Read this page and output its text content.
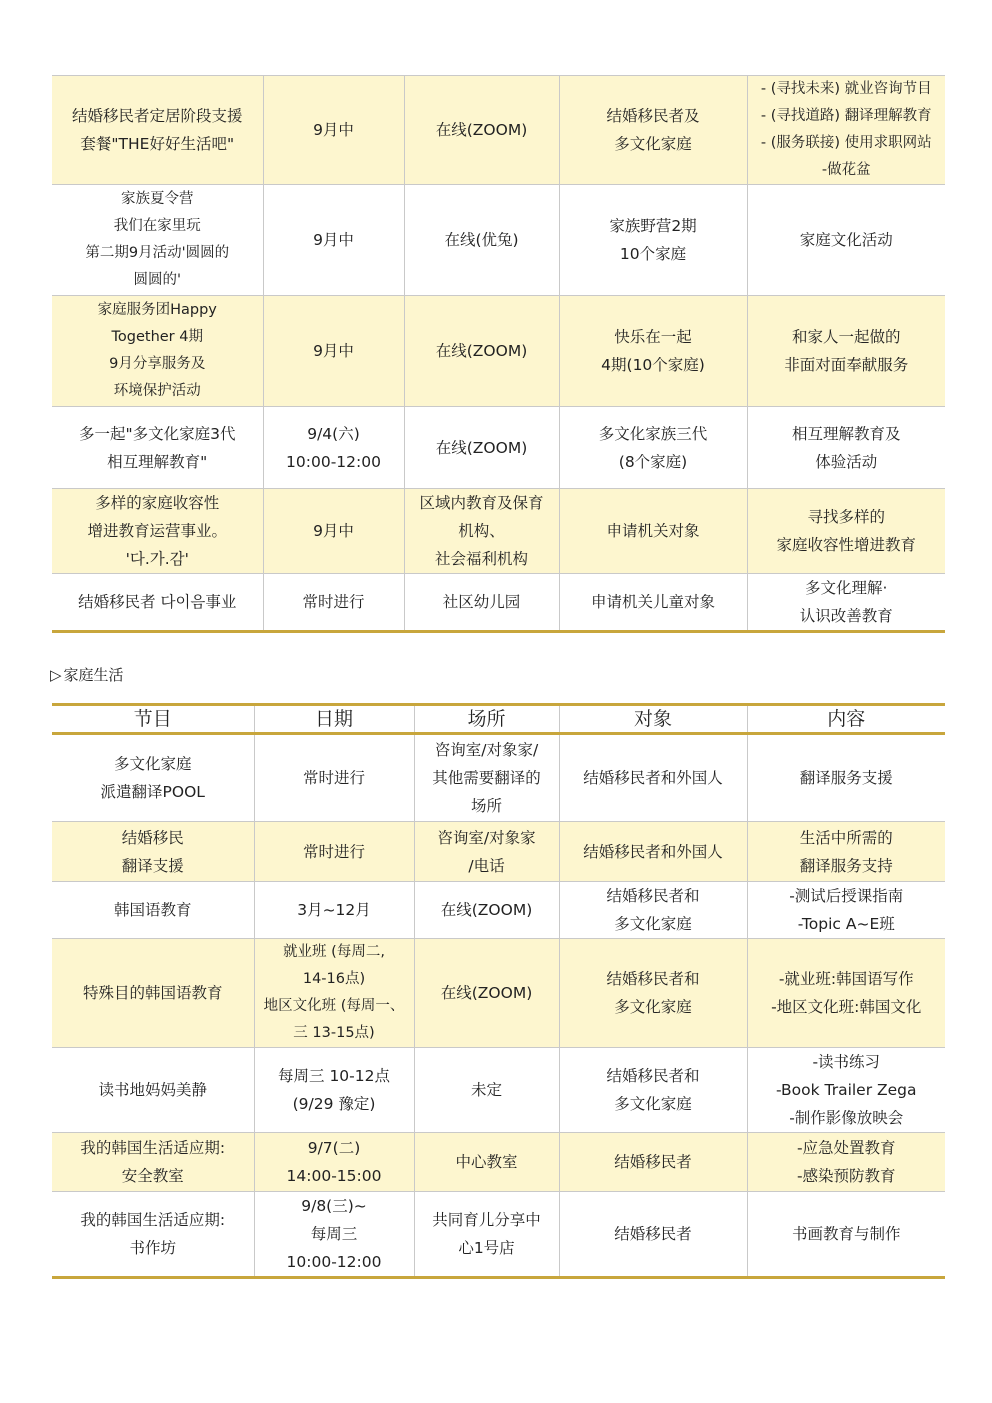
结婚移民者定居阶段支援
套餐"THE好好生活吧"	9月中	在线(ZOOM)	结婚移民者及
多文化家庭	- (寻找未来) 就业咨询节目
- (寻找道路) 翻译理解教育
- (服务联接) 使用求职网站
-做花盆

家族夏令营
我们在家里玩
第二期9月活动'圆圆的
圆圆的'	9月中	在线(优兔)	家族野营2期
10个家庭	家庭文化活动

家庭服务团Happy
Together 4期
9月分享服务及
环境保护活动	9月中	在线(ZOOM)	快乐在一起
4期(10个家庭)	和家人一起做的
非面对面奉献服务

多一起"多文化家庭3代
相互理解教育"	9/4(六)
10:00-12:00	在线(ZOOM)	多文化家族三代
(8个家庭)	相互理解教育及
体验活动

多样的家庭收容性
增进教育运营事业。
'다.가.감'	9月中	区域内教育及保育
机构、
社会福利机构	申请机关对象	寻找多样的
家庭收容性增进教育

结婚移民者 다이음事业	常时进行	社区幼儿园	申请机关儿童对象	多文化理解·
认识改善教育
▷ 家庭生活
节目	日期	场所	对象	内容

多文化家庭
派遣翻译POOL	常时进行	咨询室/对象家/
其他需要翻译的
场所	结婚移民者和外国人	翻译服务支援

结婚移民
翻译支援	常时进行	咨询室/对象家
/电话	结婚移民者和外国人	生活中所需的
翻译服务支持

韩国语教育	3月~12月	在线(ZOOM)	结婚移民者和
多文化家庭	-测试后授课指南
-Topic A~E班

特殊目的韩国语教育	就业班 (每周二,
14-16点)
地区文化班 (每周一、
三 13-15点)	在线(ZOOM)	结婚移民者和
多文化家庭	-就业班:韩国语写作
-地区文化班:韩国文化

读书地妈妈美静	每周三 10-12点
(9/29 豫定)	未定	结婚移民者和
多文化家庭	-读书练习
-Book Trailer Zega
-制作影像放映会

我的韩国生活适应期:
安全教室	9/7(二)
14:00-15:00	中心教室	结婚移民者	-应急处置教育
-感染预防教育

我的韩国生活适应期:
书作坊	9/8(三)~
每周三
10:00-12:00	共同育儿分享中
心1号店	结婚移民者	书画教育与制作
